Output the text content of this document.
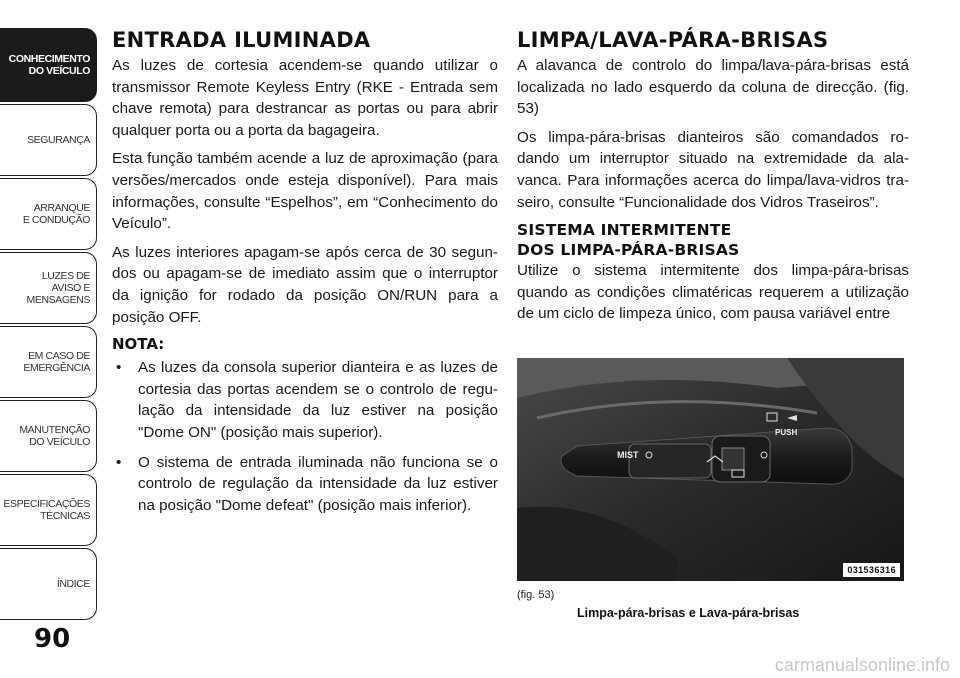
CONHECIMENTO
DO VEÍCULO
SEGURANÇA
ARRANQUE
E CONDUÇÃO
LUZES DE
AVISO E
MENSAGENS
EM CASO DE
EMERGÊNCIA
MANUTENÇÃO
DO VEÍCULO
ESPECIFICAÇÕES
TÉCNICAS
ÍNDICE
90
ENTRADA ILUMINADA

As luzes de cortesia acendem-se quando utilizar o transmissor Remote Keyless Entry (RKE - Entrada sem chave remota) para destrancar as portas ou para abrir qualquer porta ou a porta da bagageira.

Esta função também acende a luz de aproximação (para versões/mercados onde esteja disponível). Para mais informações, consulte “Espelhos”, em “Conhecimento do Veículo”.

As luzes interiores apagam-se após cerca de 30 segun-dos ou apagam-se de imediato assim que o interruptor da ignição for rodado da posição ON/RUN para a posição OFF.

NOTA:
• As luzes da consola superior dianteira e as luzes de cortesia das portas acendem se o controlo de regu-lação da intensidade da luz estiver na posição "Dome ON" (posição mais superior).
• O sistema de entrada iluminada não funciona se o controlo de regulação da intensidade da luz estiver na posição "Dome defeat" (posição mais inferior).
LIMPA/LAVA-PÁRA-BRISAS

A alavanca de controlo do limpa/lava-pára-brisas está localizada no lado esquerdo da coluna de direcção. (fig. 53)

Os limpa-pára-brisas dianteiros são comandados ro-dando um interruptor situado na extremidade da ala-vanca. Para informações acerca do limpa/lava-vidros tra-seiro, consulte “Funcionalidade dos Vidros Traseiros”.

SISTEMA INTERMITENTE DOS LIMPA-PÁRA-BRISAS

Utilize o sistema intermitente dos limpa-pára-brisas quando as condições climatéricas requerem a utilização de um ciclo de limpeza único, com pausa variável entre

MIST
PUSH
031536316
(fig. 53)
Limpa-pára-brisas e Lava-pára-brisas
carmanualsonline.info
